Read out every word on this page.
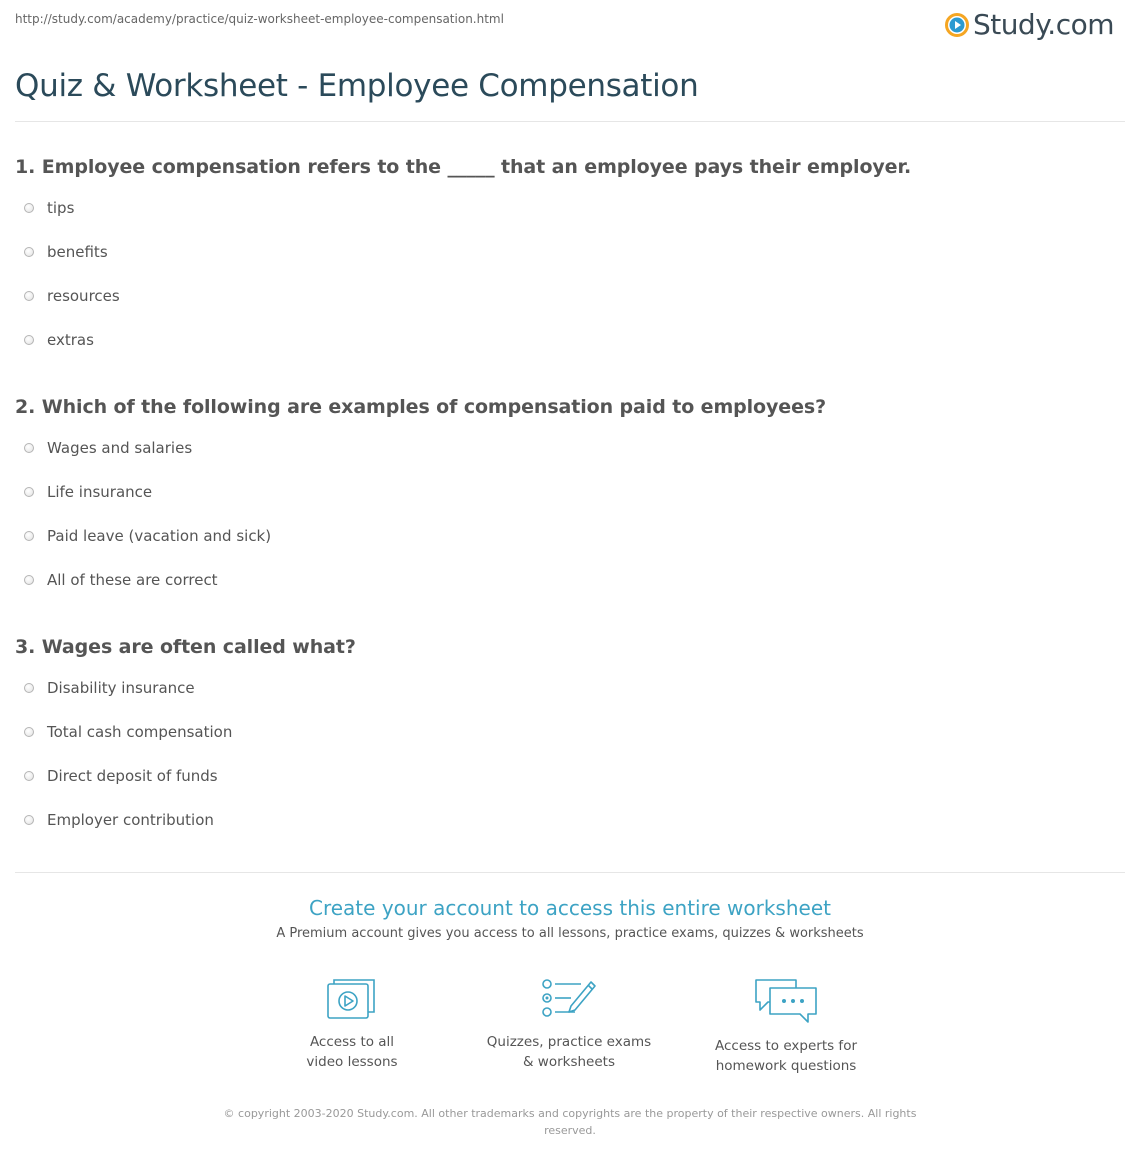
http://study.com/academy/practice/quiz-worksheet-employee-compensation.html	Study.com
Quiz & Worksheet - Employee Compensation
1. Employee compensation refers to the _____ that an employee pays their employer.
tips
benefits
resources
extras
2. Which of the following are examples of compensation paid to employees?
Wages and salaries
Life insurance
Paid leave (vacation and sick)
All of these are correct
3. Wages are often called what?
Disability insurance
Total cash compensation
Direct deposit of funds
Employer contribution
Create your account to access this entire worksheet
A Premium account gives you access to all lessons, practice exams, quizzes & worksheets
Access to all
video lessons
Quizzes, practice exams
& worksheets
Access to experts for
homework questions
© copyright 2003-2020 Study.com. All other trademarks and copyrights are the property of their respective owners. All rights reserved.
